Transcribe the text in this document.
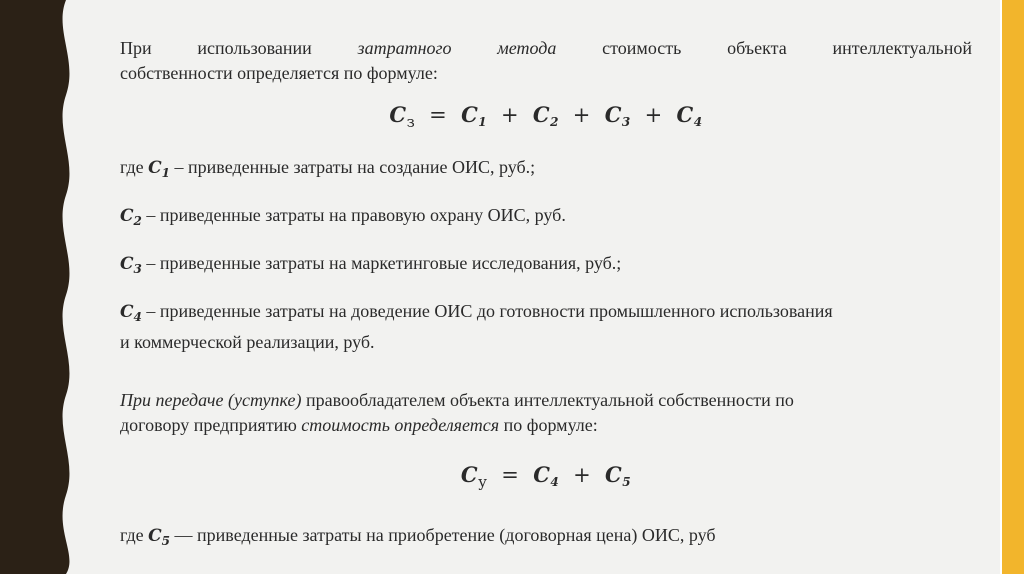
При	использовании	затратного	метода	стоимость	объекта	интеллектуальной

собственности определяется по формуле:

$C_з = C_1 + C_2 + C_3 + C_4$

где $C_1$ – приведенные затраты на создание ОИС, руб.;

$C_2$ – приведенные затраты на правовую охрану ОИС, руб.

$C_3$ – приведенные затраты на маркетинговые исследования, руб.;

$C_4$ – приведенные затраты на доведение ОИС до готовности промышленного использования

и коммерческой реализации, руб.

При передаче (уступке) правообладателем объекта интеллектуальной собственности по

договору предприятию стоимость определяется по формуле:

$C_у = C_4 + C_5$

где $C_5$ — приведенные затраты на приобретение (договорная цена) ОИС, руб
